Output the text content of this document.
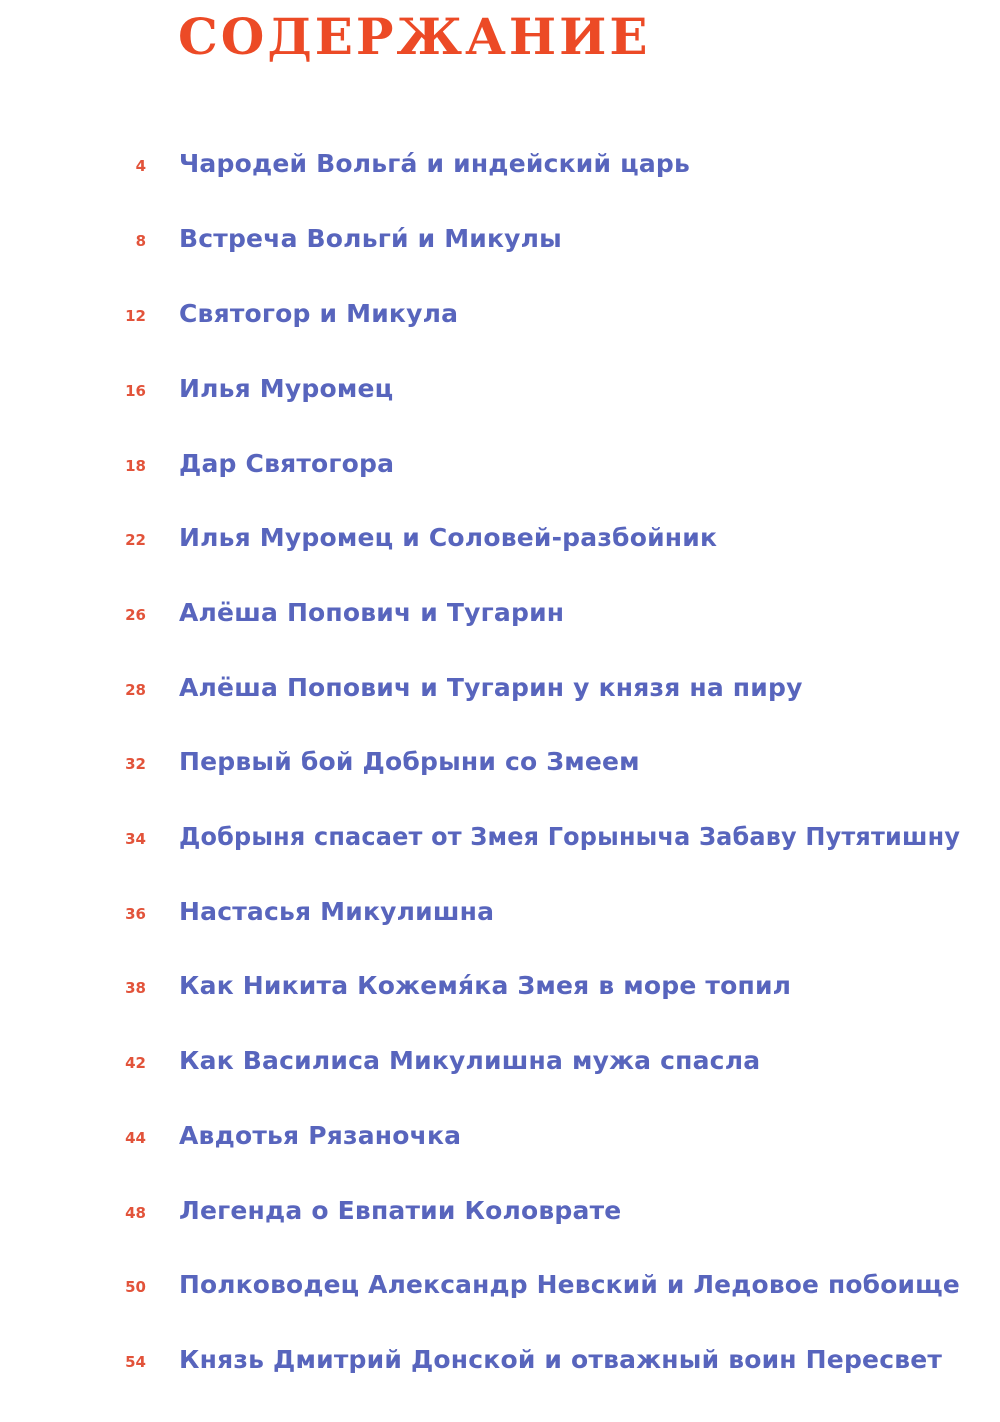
СОДЕРЖАНИЕ
4 Чародей Вольга́ и индейский царь
8 Встреча Вольги́ и Микулы
12 Святогор и Микула
16 Илья Муромец
18 Дар Святогора
22 Илья Муромец и Соловей-разбойник
26 Алёша Попович и Тугарин
28 Алёша Попович и Тугарин у князя на пиру
32 Первый бой Добрыни со Змеем
34 Добрыня спасает от Змея Горыныча Забаву Путятишну
36 Настасья Микулишна
38 Как Никита Кожемя́ка Змея в море топил
42 Как Василиса Микулишна мужа спасла
44 Авдотья Рязаночка
48 Легенда о Евпатии Коловрате
50 Полководец Александр Невский и Ледовое побоище
54 Князь Дмитрий Донской и отважный воин Пересвет
